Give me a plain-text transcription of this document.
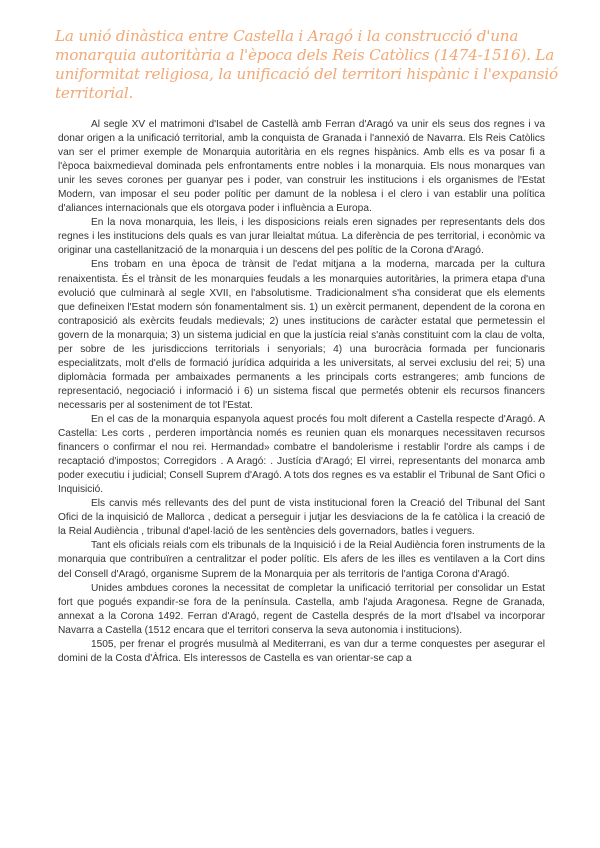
La unió dinàstica entre Castella i Aragó i la construcció d'una monarquia autoritària a l'època dels Reis Catòlics (1474-1516). La uniformitat religiosa, la unificació del territori hispànic i l'expansió territorial.

Al segle XV el matrimoni d'Isabel de Castellà amb Ferran d'Aragó va unir els seus dos regnes i va donar origen a la unificació territorial, amb la conquista de Granada i l'annexió de Navarra. Els Reis Catòlics van ser el primer exemple de Monarquia autoritària en els regnes hispànics. Amb ells es va posar fi a l'època baixmedieval dominada pels enfrontaments entre nobles i la monarquia. Els nous monarques van unir les seves corones per guanyar pes i poder, van construir les institucions i els organismes de l'Estat Modern, van imposar el seu poder polític per damunt de la noblesa i el clero i van establir una política d'aliances internacionals que els otorgava poder i influència a Europa.

En la nova monarquia, les lleis, i les disposicions reials eren signades per representants dels dos regnes i les institucions dels quals es van jurar lleialtat mútua. La diferència de pes territorial, i econòmic va originar una castellanització de la monarquia i un descens del pes polític de la Corona d'Aragó.

Ens trobam en una època de trànsit de l'edat mitjana a la moderna, marcada per la cultura renaixentista. És el trànsit de les monarquies feudals a les monarquies autoritàries, la primera etapa d'una evolució que culminarà al segle XVII, en l'absolutisme. Tradicionalment s'ha considerat que els elements que defineixen l'Estat modern són fonamentalment sis. 1) un exèrcit permanent, dependent de la corona en contraposició als exèrcits feudals medievals; 2) unes institucions de caràcter estatal que permetessin el govern de la monarquia; 3) un sistema judicial en que la justícia reial s'anàs constituint com la clau de volta, per sobre de les jurisdiccions territorials i senyorials; 4) una burocràcia formada per funcionaris especialitzats, molt d'ells de formació jurídica adquirida a les universitats, al servei exclusiu del rei; 5) una diplomàcia formada per ambaixades permanents a les principals corts estrangeres; amb funcions de representació, negociació i informació i 6) un sistema fiscal que permetés obtenir els recursos financers necessaris per al sosteniment de tot l'Estat.

En el cas de la monarquia espanyola aquest procés fou molt diferent a Castella respecte d'Aragó. A Castella: Les corts , perderen importància només es reunien quan els monarques necessitaven recursos financers o confirmar el nou rei. Hermandad» combatre el bandolerisme i restablir l'ordre als camps i de recaptació d'impostos; Corregidors . A Aragó: . Justícia d'Aragó; El virrei, representants del monarca amb poder executiu i judicial; Consell Suprem d'Aragó. A tots dos regnes es va establir el Tribunal de Sant Ofici o Inquisició.

Els canvis més rellevants des del punt de vista institucional foren la Creació del Tribunal del Sant Ofici de la inquisició de Mallorca , dedicat a perseguir i jutjar les desviacions de la fe catòlica i la creació de la Reial Audiència , tribunal d'apel·lació de les sentències dels governadors, batles i veguers.

Tant els oficials reials com els tribunals de la Inquisició i de la Reial Audiència foren instruments de la monarquia que contribuïren a centralitzar el poder polític. Els afers de les illes es ventilaven a la Cort dins del Consell d'Aragó, organisme Suprem de la Monarquia per als territoris de l'antiga Corona d'Aragó.

Unides ambdues corones la necessitat de completar la unificació territorial per consolidar un Estat fort que pogués expandir-se fora de la península. Castella, amb l'ajuda Aragonesa. Regne de Granada, annexat a la Corona 1492. Ferran d'Aragó, regent de Castella després de la mort d'Isabel va incorporar Navarra a Castella (1512 encara que el territori conserva la seva autonomia i institucions).

1505, per frenar el progrés musulmà al Mediterrani, es van dur a terme conquestes per asegurar el domini de la Costa d'Àfrica. Els interessos de Castella es van orientar-se cap a
